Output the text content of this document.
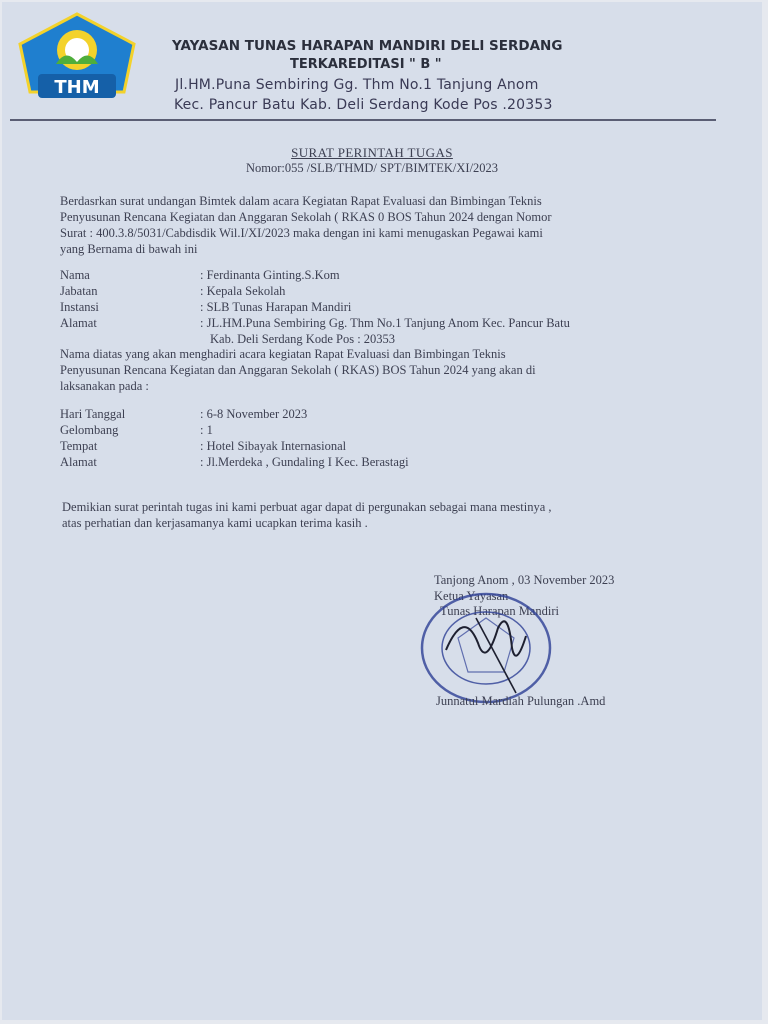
THM
YAYASAN TUNAS HARAPAN MANDIRI DELI SERDANG
TERKAREDITASI " B "
Jl.HM.Puna Sembiring Gg. Thm No.1 Tanjung Anom
Kec. Pancur Batu Kab. Deli Serdang Kode Pos .20353
SURAT PERINTAH TUGAS
Nomor:055 /SLB/THMD/ SPT/BIMTEK/XI/2023
Berdasrkan surat undangan Bimtek dalam acara Kegiatan Rapat Evaluasi dan Bimbingan Teknis
Penyusunan Rencana Kegiatan dan Anggaran Sekolah ( RKAS 0 BOS Tahun 2024 dengan Nomor
Surat : 400.3.8/5031/Cabdisdik Wil.I/XI/2023 maka dengan ini kami menugaskan Pegawai kami
yang Bernama di bawah ini
Nama	: Ferdinanta Ginting.S.Kom
Jabatan	: Kepala Sekolah
Instansi	: SLB Tunas Harapan Mandiri
Alamat	: JL.HM.Puna Sembiring Gg. Thm No.1 Tanjung Anom Kec. Pancur Batu
Kab. Deli Serdang Kode Pos : 20353
Nama diatas yang akan menghadiri acara kegiatan Rapat Evaluasi dan Bimbingan Teknis
Penyusunan Rencana Kegiatan dan Anggaran Sekolah ( RKAS) BOS Tahun 2024 yang akan di
laksanakan pada :
Hari Tanggal	: 6-8 November 2023
Gelombang	: 1
Tempat	: Hotel Sibayak Internasional
Alamat	: Jl.Merdeka , Gundaling I Kec. Berastagi
Demikian surat perintah tugas ini kami perbuat agar dapat di pergunakan sebagai mana mestinya ,
atas perhatian dan kerjasamanya kami ucapkan terima kasih .
Tanjong Anom , 03 November 2023
Ketua Yayasan
Tunas Harapan Mandiri
Junnatul Mardiah Pulungan .Amd
